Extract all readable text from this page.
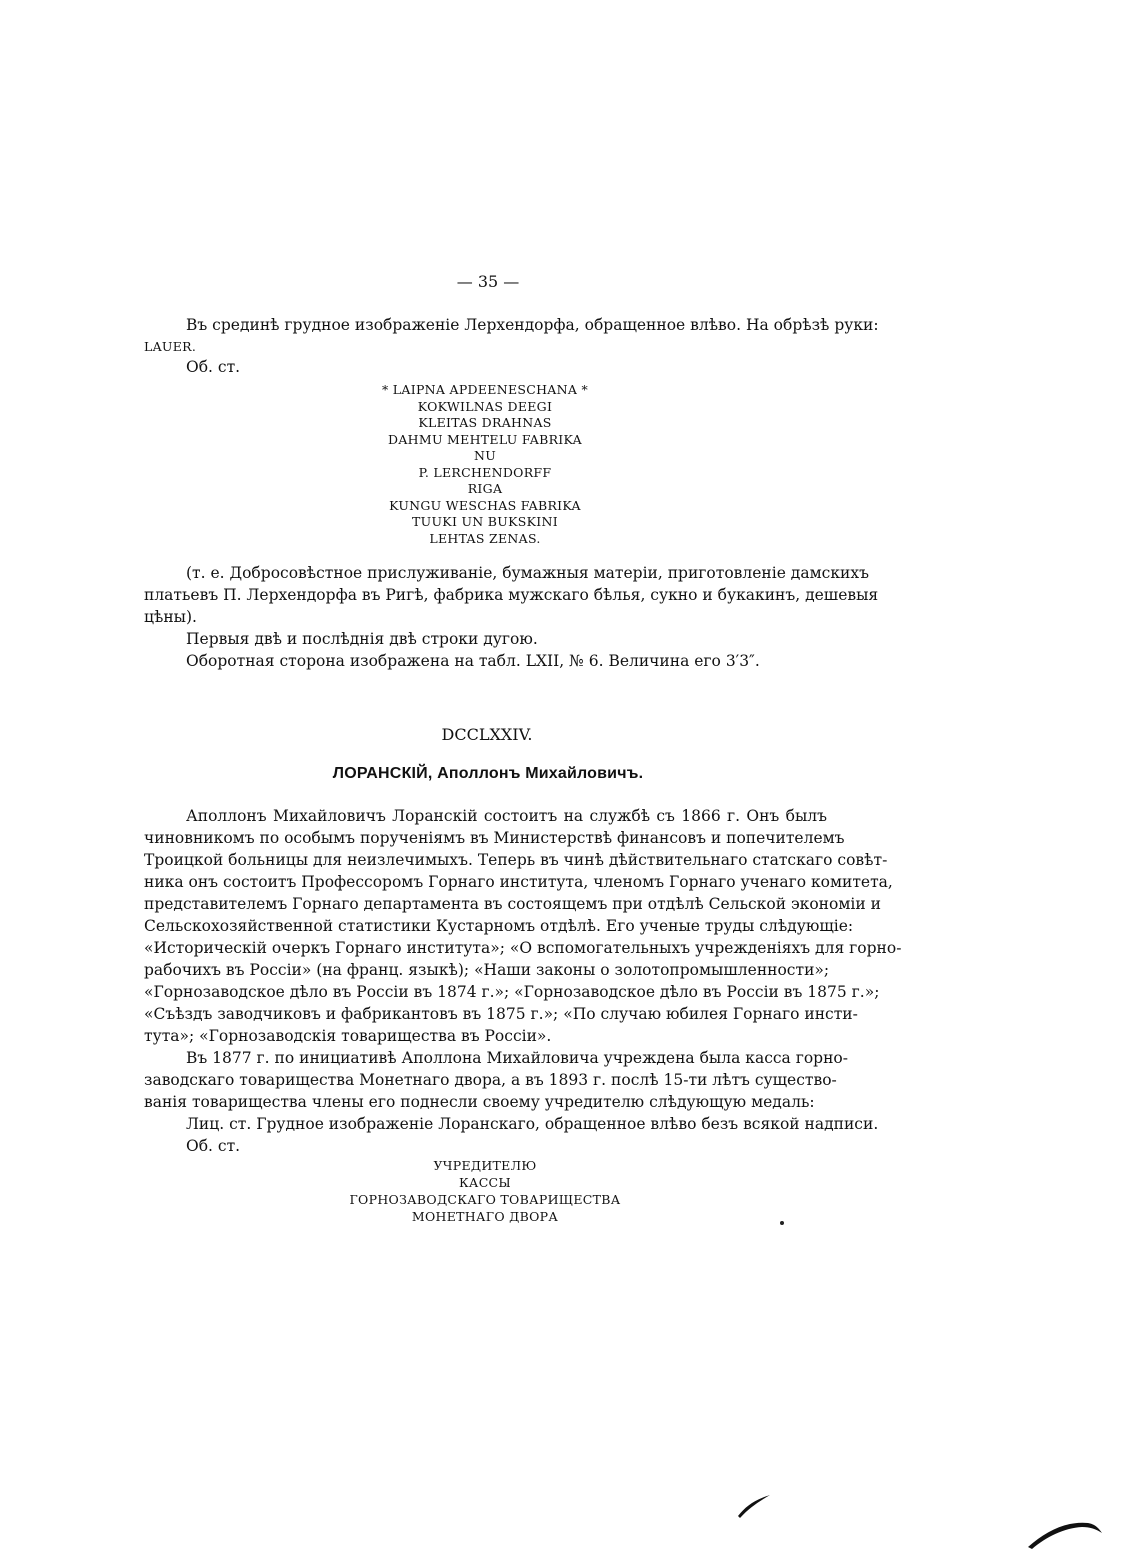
— 35 —
Въ срединѣ грудное изображеніе Лерхендорфа, обращенное влѣво. На обрѣзѣ руки:
LAUER.
Об. ст.
* LAIPNA APDEENESCHANA *
KOKWILNAS DEEGI
KLEITAS DRAHNAS
DAHMU MEHTELU FABRIKA
NU
P. LERCHENDORFF
RIGA
KUNGU WESCHAS FABRIKA
TUUKI UN BUKSKINI
LEHTAS ZENAS.
(т. е. Добросовѣстное прислуживаніе, бумажныя матеріи, приготовленіе дамскихъ
платьевъ П. Лерхендорфа въ Ригѣ, фабрика мужскаго бѣлья, сукно и букакинъ, дешевыя
цѣны).
Первыя двѣ и послѣднія двѣ строки дугою.
Оборотная сторона изображена на табл. LXII, № 6. Величина его 3′3″.
DCCLXXIV.
ЛОРАНСКІЙ, Аполлонъ Михайловичъ.
Аполлонъ Михайловичъ Лоранскій состоитъ на службѣ съ 1866 г. Онъ былъ
чиновникомъ по особымъ порученіямъ въ Министерствѣ финансовъ и попечителемъ
Троицкой больницы для неизлечимыхъ. Теперь въ чинѣ дѣйствительнаго статскаго совѣт-
ника онъ состоитъ Профессоромъ Горнаго института, членомъ Горнаго ученаго комитета,
представителемъ Горнаго департамента въ состоящемъ при отдѣлѣ Сельской экономіи и
Сельскохозяйственной статистики Кустарномъ отдѣлѣ. Его ученые труды слѣдующіе:
«Историческій очеркъ Горнаго института»; «О вспомогательныхъ учрежденіяхъ для горно-
рабочихъ въ Россіи» (на франц. языкѣ); «Наши законы о золотопромышленности»;
«Горнозаводское дѣло въ Россіи въ 1874 г.»; «Горнозаводское дѣло въ Россіи въ 1875 г.»;
«Съѣздъ заводчиковъ и фабрикантовъ въ 1875 г.»; «По случаю юбилея Горнаго инсти-
тута»; «Горнозаводскія товарищества въ Россіи».
Въ 1877 г. по инициативѣ Аполлона Михайловича учреждена была касса горно-
заводскаго товарищества Монетнаго двора, а въ 1893 г. послѣ 15-ти лѣтъ существо-
ванія товарищества члены его поднесли своему учредителю слѣдующую медаль:
Лиц. ст. Грудное изображеніе Лоранскаго, обращенное влѣво безъ всякой надписи.
Об. ст.
УЧРЕДИТЕЛЮ
КАССЫ
ГОРНОЗАВОДСКАГО ТОВАРИЩЕСТВА
МОНЕТНАГО ДВОРА
